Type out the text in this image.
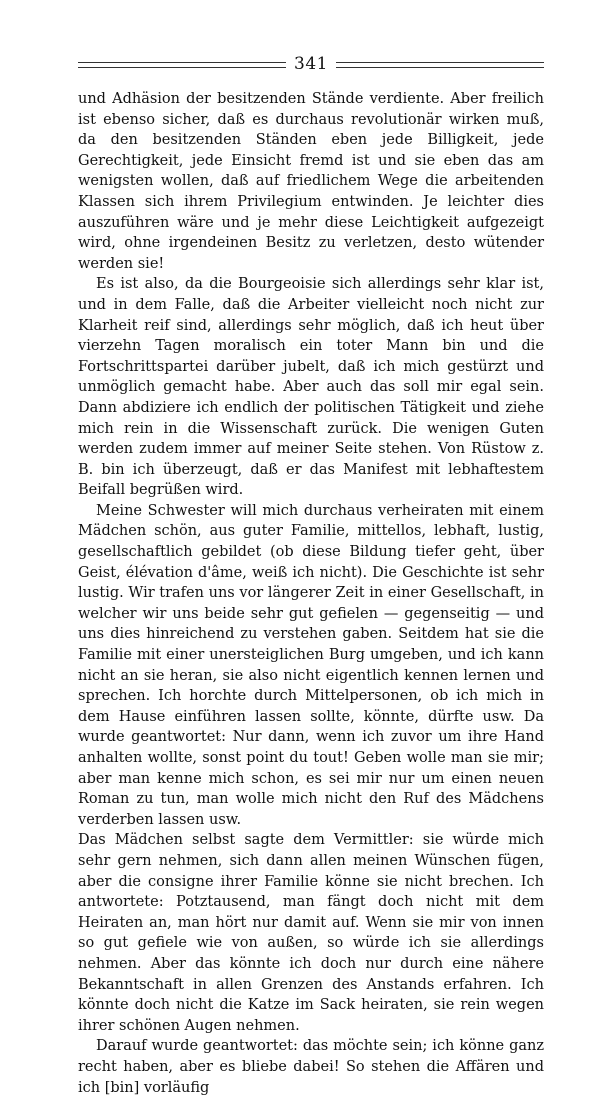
341

und Adhäsion der besitzenden Stände verdiente. Aber freilich ist ebenso sicher, daß es durchaus revolutionär wirken muß, da den besitzenden Ständen eben jede Billigkeit, jede Gerechtigkeit, jede Einsicht fremd ist und sie eben das am wenigsten wollen, daß auf friedlichem Wege die arbeitenden Klassen sich ihrem Privilegium entwinden. Je leichter dies auszuführen wäre und je mehr diese Leichtigkeit aufgezeigt wird, ohne irgendeinen Besitz zu verletzen, desto wütender werden sie!

Es ist also, da die Bourgeoisie sich allerdings sehr klar ist, und in dem Falle, daß die Arbeiter vielleicht noch nicht zur Klarheit reif sind, allerdings sehr möglich, daß ich heut über vierzehn Tagen moralisch ein toter Mann bin und die Fortschrittspartei darüber jubelt, daß ich mich gestürzt und unmöglich gemacht habe. Aber auch das soll mir egal sein. Dann abdiziere ich endlich der politischen Tätigkeit und ziehe mich rein in die Wissenschaft zurück. Die wenigen Guten werden zudem immer auf meiner Seite stehen. Von Rüstow z. B. bin ich überzeugt, daß er das Manifest mit lebhaftestem Beifall begrüßen wird.

Meine Schwester will mich durchaus verheiraten mit einem Mädchen schön, aus guter Familie, mittellos, lebhaft, lustig, gesellschaftlich gebildet (ob diese Bildung tiefer geht, über Geist, élévation d'âme, weiß ich nicht). Die Geschichte ist sehr lustig. Wir trafen uns vor längerer Zeit in einer Gesellschaft, in welcher wir uns beide sehr gut gefielen — gegenseitig — und uns dies hinreichend zu verstehen gaben. Seitdem hat sie die Familie mit einer unersteiglichen Burg umgeben, und ich kann nicht an sie heran, sie also nicht eigentlich kennen lernen und sprechen. Ich horchte durch Mittelpersonen, ob ich mich in dem Hause einführen lassen sollte, könnte, dürfte usw. Da wurde geantwortet: Nur dann, wenn ich zuvor um ihre Hand anhalten wollte, sonst point du tout! Geben wolle man sie mir; aber man kenne mich schon, es sei mir nur um einen neuen Roman zu tun, man wolle mich nicht den Ruf des Mädchens verderben lassen usw.

Das Mädchen selbst sagte dem Vermittler: sie würde mich sehr gern nehmen, sich dann allen meinen Wünschen fügen, aber die consigne ihrer Familie könne sie nicht brechen. Ich antwortete: Potztausend, man fängt doch nicht mit dem Heiraten an, man hört nur damit auf. Wenn sie mir von innen so gut gefiele wie von außen, so würde ich sie allerdings nehmen. Aber das könnte ich doch nur durch eine nähere Bekanntschaft in allen Grenzen des Anstands erfahren. Ich könnte doch nicht die Katze im Sack heiraten, sie rein wegen ihrer schönen Augen nehmen.

Darauf wurde geantwortet: das möchte sein; ich könne ganz recht haben, aber es bliebe dabei! So stehen die Affären und ich [bin] vorläufig
